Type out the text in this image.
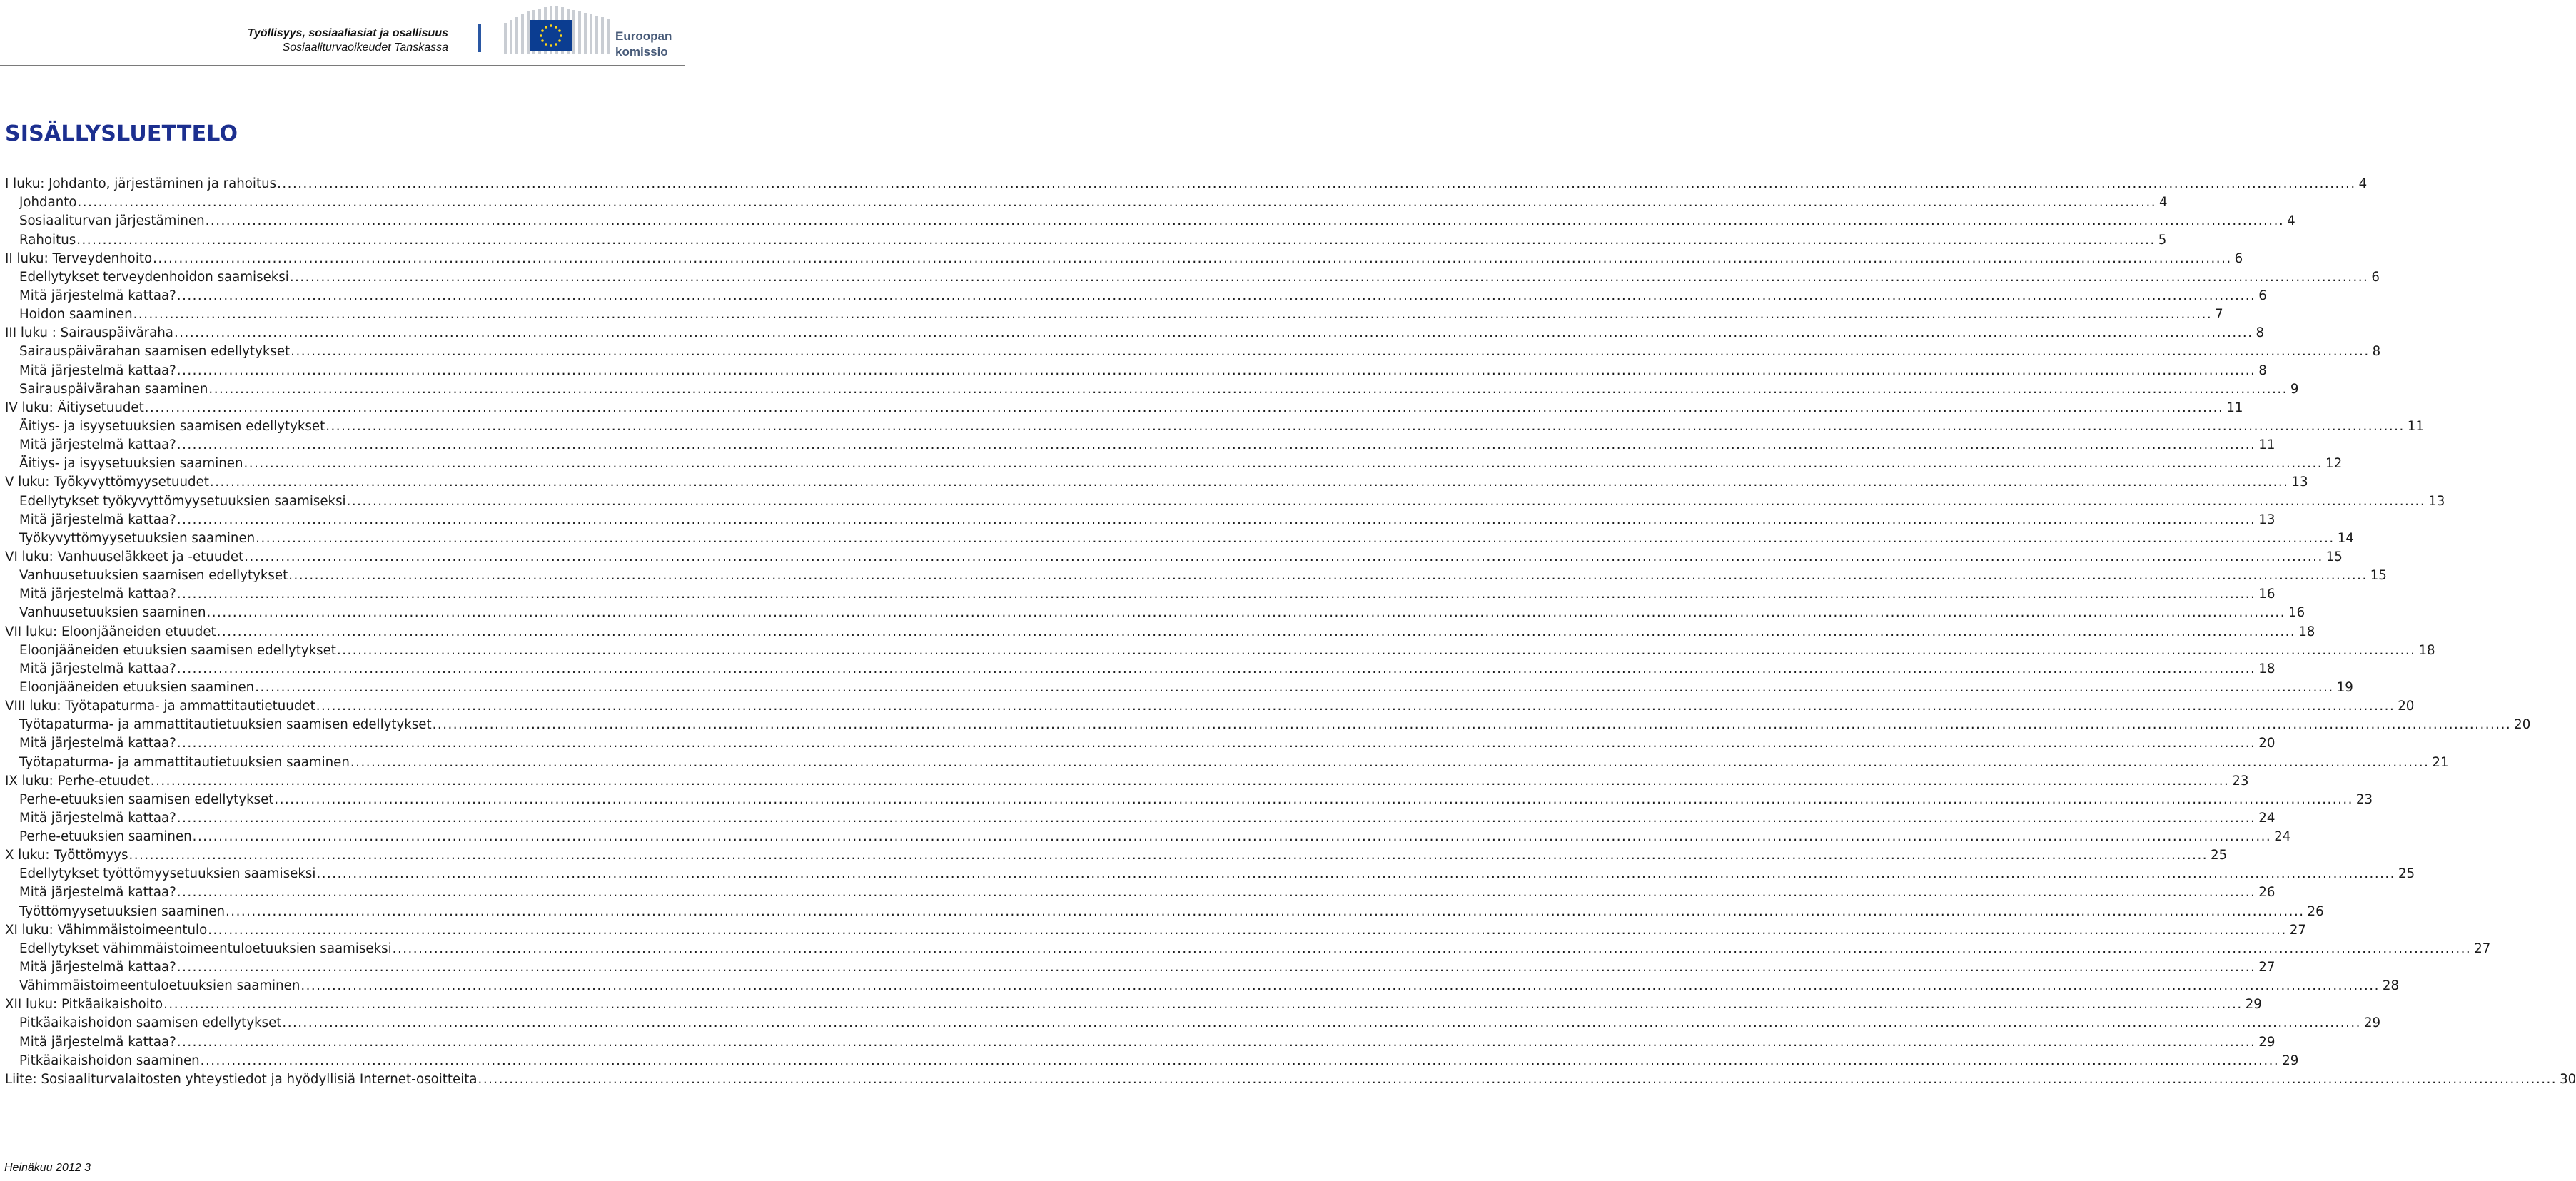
Työllisyys, sosiaaliasiat ja osallisuus
Sosiaaliturvaoikeudet Tanskassa
Euroopan
komissio
SISÄLLYSLUETTELO
I luku: Johdanto, järjestäminen ja rahoitus ................................................................................................................................................................................................................................................................................................................................................................................................................ 4
Johdanto ................................................................................................................................................................................................................................................................................................................................................................................................................ 4
Sosiaaliturvan järjestäminen ................................................................................................................................................................................................................................................................................................................................................................................................................ 4
Rahoitus ................................................................................................................................................................................................................................................................................................................................................................................................................ 5
II luku: Terveydenhoito ................................................................................................................................................................................................................................................................................................................................................................................................................ 6
Edellytykset terveydenhoidon saamiseksi ................................................................................................................................................................................................................................................................................................................................................................................................................ 6
Mitä järjestelmä kattaa? ................................................................................................................................................................................................................................................................................................................................................................................................................ 6
Hoidon saaminen ................................................................................................................................................................................................................................................................................................................................................................................................................ 7
III luku : Sairauspäiväraha ................................................................................................................................................................................................................................................................................................................................................................................................................ 8
Sairauspäivärahan saamisen edellytykset ................................................................................................................................................................................................................................................................................................................................................................................................................ 8
Mitä järjestelmä kattaa? ................................................................................................................................................................................................................................................................................................................................................................................................................ 8
Sairauspäivärahan saaminen ................................................................................................................................................................................................................................................................................................................................................................................................................ 9
IV luku: Äitiysetuudet ................................................................................................................................................................................................................................................................................................................................................................................................................ 11
Äitiys- ja isyysetuuksien saamisen edellytykset ................................................................................................................................................................................................................................................................................................................................................................................................................ 11
Mitä järjestelmä kattaa? ................................................................................................................................................................................................................................................................................................................................................................................................................ 11
Äitiys- ja isyysetuuksien saaminen ................................................................................................................................................................................................................................................................................................................................................................................................................ 12
V luku: Työkyvyttömyysetuudet ................................................................................................................................................................................................................................................................................................................................................................................................................ 13
Edellytykset työkyvyttömyysetuuksien saamiseksi ................................................................................................................................................................................................................................................................................................................................................................................................................ 13
Mitä järjestelmä kattaa? ................................................................................................................................................................................................................................................................................................................................................................................................................ 13
Työkyvyttömyysetuuksien saaminen ................................................................................................................................................................................................................................................................................................................................................................................................................ 14
VI luku: Vanhuuseläkkeet ja -etuudet ................................................................................................................................................................................................................................................................................................................................................................................................................ 15
Vanhuusetuuksien saamisen edellytykset ................................................................................................................................................................................................................................................................................................................................................................................................................ 15
Mitä järjestelmä kattaa? ................................................................................................................................................................................................................................................................................................................................................................................................................ 16
Vanhuusetuuksien saaminen ................................................................................................................................................................................................................................................................................................................................................................................................................ 16
VII luku: Eloonjääneiden etuudet ................................................................................................................................................................................................................................................................................................................................................................................................................ 18
Eloonjääneiden etuuksien saamisen edellytykset ................................................................................................................................................................................................................................................................................................................................................................................................................ 18
Mitä järjestelmä kattaa? ................................................................................................................................................................................................................................................................................................................................................................................................................ 18
Eloonjääneiden etuuksien saaminen ................................................................................................................................................................................................................................................................................................................................................................................................................ 19
VIII luku: Työtapaturma- ja ammattitautietuudet ................................................................................................................................................................................................................................................................................................................................................................................................................ 20
Työtapaturma- ja ammattitautietuuksien saamisen edellytykset ................................................................................................................................................................................................................................................................................................................................................................................................................ 20
Mitä järjestelmä kattaa? ................................................................................................................................................................................................................................................................................................................................................................................................................ 20
Työtapaturma- ja ammattitautietuuksien saaminen ................................................................................................................................................................................................................................................................................................................................................................................................................ 21
IX luku: Perhe-etuudet ................................................................................................................................................................................................................................................................................................................................................................................................................ 23
Perhe-etuuksien saamisen edellytykset ................................................................................................................................................................................................................................................................................................................................................................................................................ 23
Mitä järjestelmä kattaa? ................................................................................................................................................................................................................................................................................................................................................................................................................ 24
Perhe-etuuksien saaminen ................................................................................................................................................................................................................................................................................................................................................................................................................ 24
X luku: Työttömyys ................................................................................................................................................................................................................................................................................................................................................................................................................ 25
Edellytykset työttömyysetuuksien saamiseksi ................................................................................................................................................................................................................................................................................................................................................................................................................ 25
Mitä järjestelmä kattaa? ................................................................................................................................................................................................................................................................................................................................................................................................................ 26
Työttömyysetuuksien saaminen ................................................................................................................................................................................................................................................................................................................................................................................................................ 26
XI luku: Vähimmäistoimeentulo ................................................................................................................................................................................................................................................................................................................................................................................................................ 27
Edellytykset vähimmäistoimeentuloetuuksien saamiseksi ................................................................................................................................................................................................................................................................................................................................................................................................................ 27
Mitä järjestelmä kattaa? ................................................................................................................................................................................................................................................................................................................................................................................................................ 27
Vähimmäistoimeentuloetuuksien saaminen ................................................................................................................................................................................................................................................................................................................................................................................................................ 28
XII luku: Pitkäaikaishoito ................................................................................................................................................................................................................................................................................................................................................................................................................ 29
Pitkäaikaishoidon saamisen edellytykset ................................................................................................................................................................................................................................................................................................................................................................................................................ 29
Mitä järjestelmä kattaa? ................................................................................................................................................................................................................................................................................................................................................................................................................ 29
Pitkäaikaishoidon saaminen ................................................................................................................................................................................................................................................................................................................................................................................................................ 29
Liite: Sosiaaliturvalaitosten yhteystiedot ja hyödyllisiä Internet-osoitteita ................................................................................................................................................................................................................................................................................................................................................................................................................ 30
Heinäkuu 2012 3
